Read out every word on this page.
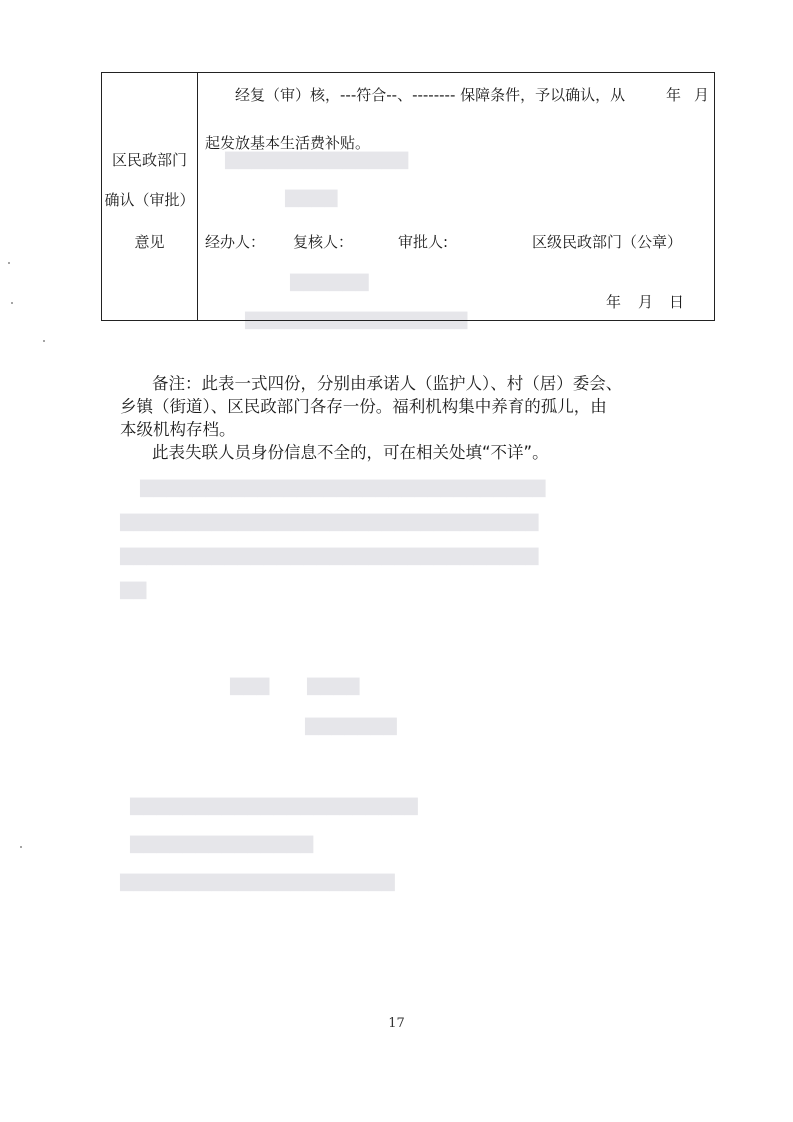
▇▇▇▇▇▇▇▇▇▇▇▇▇▇
▇▇▇▇
▇▇▇▇▇▇
▇▇▇▇▇▇▇▇▇▇▇▇▇▇▇▇▇
▇▇▇▇▇▇▇▇▇▇▇▇▇▇▇▇▇▇▇▇▇▇▇▇▇▇▇▇▇▇▇
▇▇▇▇▇▇▇▇▇▇▇▇▇▇▇▇▇▇▇▇▇▇▇▇▇▇▇▇▇▇▇▇
▇▇▇▇▇▇▇▇▇▇▇▇▇▇▇▇▇▇▇▇▇▇▇▇▇▇▇▇▇▇▇▇
▇▇
▇▇▇       ▇▇▇▇
▇▇▇▇▇▇▇
▇▇▇▇▇▇▇▇▇▇▇▇▇▇▇▇▇▇▇▇▇▇
▇▇▇▇▇▇▇▇▇▇▇▇▇▇
▇▇▇▇▇▇▇▇▇▇▇▇▇▇▇▇▇▇▇▇▇
区民政部门
确认（审批）
意见
经复（审）核，---符合--、-------- 保障条件，予以确认，从	年 月
起发放基本生活费补贴。
经办人： 复核人：	审批人:	区级民政部门（公章）
年 月 日

备注：此表一式四份，分别由承诺人（监护人）、村（居）委会、

乡镇（街道）、区民政部门各存一份。福利机构集中养育的孤儿，由

本级机构存档。

此表失联人员身份信息不全的，可在相关处填“不详”。

17
